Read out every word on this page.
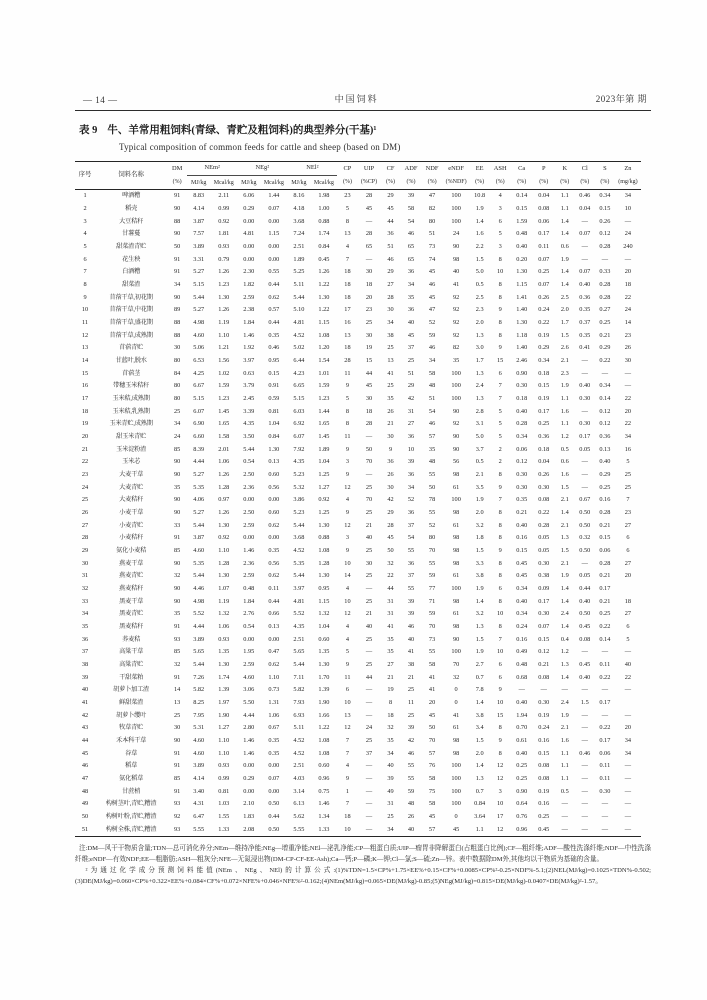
— 14 —	中国饲料	2023年第 期
表 9 牛、羊常用粗饲料(青绿、青贮及粗饲料)的典型养分(干基)¹
Typical composition of common feeds for cattle and sheep (based on DM)
序号	饲料名称	DM	NEm²		NEg²		NEl²		CP	UIP	CF	ADF	NDF	eNDF	EE	ASH	Ca	P	K	Cl	S	Zn
		(%)	MJ/kg	Mcal/kg	MJ/kg	Mcal/kg	MJ/kg	Mcal/kg	(%)	(%CP)	(%)	(%)	(%)	(%NDF)	(%)	(%)	(%)	(%)	(%)	(%)	(%)	(mg/kg)
1	啤酒糟	91	8.83	2.11	6.06	1.44	8.16	1.98	23	28	29	39	47	100	10.8	4	0.14	0.04	1.1	0.46	0.34	34
2	稻壳	90	4.14	0.99	0.29	0.07	4.18	1.00	5	45	45	58	82	100	1.9	3	0.15	0.08	1.1	0.04	0.15	10
3	大豆秸秆	88	3.87	0.92	0.00	0.00	3.68	0.88	8	—	44	54	80	100	1.4	6	1.59	0.06	1.4	—	0.26	—
4	甘薯蔓	90	7.57	1.81	4.81	1.15	7.24	1.74	13	28	36	46	51	24	1.6	5	0.48	0.17	1.4	0.07	0.12	24
5	甜菜渣青贮	50	3.89	0.93	0.00	0.00	2.51	0.84	4	65	51	65	73	90	2.2	3	0.40	0.11	0.6	—	0.28	240
6	花生秧	91	3.31	0.79	0.00	0.00	1.89	0.45	7	—	46	65	74	98	1.5	8	0.20	0.07	1.9	—	—	—
7	白酒糟	91	5.27	1.26	2.30	0.55	5.25	1.26	18	30	29	36	45	40	5.0	10	1.30	0.25	1.4	0.07	0.33	20
8	甜菜渣	34	5.15	1.23	1.82	0.44	5.11	1.22	18	18	27	34	46	41	0.5	8	1.15	0.07	1.4	0.40	0.28	18
9	苜蓿干草,初花期	90	5.44	1.30	2.59	0.62	5.44	1.30	18	20	28	35	45	92	2.5	8	1.41	0.26	2.5	0.36	0.28	22
10	苜蓿干草,中花期	89	5.27	1.26	2.38	0.57	5.10	1.22	17	23	30	36	47	92	2.3	9	1.40	0.24	2.0	0.35	0.27	24
11	苜蓿干草,盛花期	88	4.98	1.19	1.84	0.44	4.81	1.15	16	25	34	40	52	92	2.0	8	1.30	0.22	1.7	0.37	0.25	14
12	苜蓿干草,成熟期	88	4.60	1.10	1.46	0.35	4.52	1.08	13	30	38	45	59	92	1.3	8	1.18	0.19	1.5	0.35	0.21	23
13	苜蓿青贮	30	5.06	1.21	1.92	0.46	5.02	1.20	18	19	25	37	46	82	3.0	9	1.40	0.29	2.6	0.41	0.29	26
14	甘蓝叶,脱水	80	6.53	1.56	3.97	0.95	6.44	1.54	28	15	13	25	34	35	1.7	15	2.46	0.34	2.1	—	0.22	30
15	苜蓿茎	84	4.25	1.02	0.63	0.15	4.23	1.01	11	44	41	51	58	100	1.3	6	0.90	0.18	2.3	—	—	—
16	带穗玉米秸秆	80	6.67	1.59	3.79	0.91	6.65	1.59	9	45	25	29	48	100	2.4	7	0.30	0.15	1.9	0.40	0.34	—
17	玉米秸,成熟期	80	5.15	1.23	2.45	0.59	5.15	1.23	5	30	35	42	51	100	1.3	7	0.18	0.19	1.1	0.30	0.14	22
18	玉米秸,乳熟期	25	6.07	1.45	3.39	0.81	6.03	1.44	8	18	26	31	54	90	2.8	5	0.40	0.17	1.6	—	0.12	20
19	玉米青贮,成熟期	34	6.90	1.65	4.35	1.04	6.92	1.65	8	28	21	27	46	92	3.1	5	0.28	0.25	1.1	0.30	0.12	22
20	甜玉米青贮	24	6.60	1.58	3.50	0.84	6.07	1.45	11	—	30	36	57	90	5.0	5	0.34	0.36	1.2	0.17	0.36	34
21	玉米淀粉渣	85	8.39	2.01	5.44	1.30	7.92	1.89	9	50	9	10	35	90	3.7	2	0.06	0.18	0.5	0.05	0.13	16
22	玉米芯	90	4.44	1.06	0.54	0.13	4.35	1.04	3	70	36	39	48	56	0.5	2	0.12	0.04	0.6	—	0.40	5
23	大麦干草	90	5.27	1.26	2.50	0.60	5.23	1.25	9	—	26	36	55	98	2.1	8	0.30	0.26	1.6	—	0.29	25
24	大麦青贮	35	5.35	1.28	2.36	0.56	5.32	1.27	12	25	30	34	50	61	3.5	9	0.30	0.30	1.5	—	0.25	25
25	大麦秸秆	90	4.06	0.97	0.00	0.00	3.86	0.92	4	70	42	52	78	100	1.9	7	0.35	0.08	2.1	0.67	0.16	7
26	小麦干草	90	5.27	1.26	2.50	0.60	5.23	1.25	9	25	29	36	55	98	2.0	8	0.21	0.22	1.4	0.50	0.28	23
27	小麦青贮	33	5.44	1.30	2.59	0.62	5.44	1.30	12	21	28	37	52	61	3.2	8	0.40	0.28	2.1	0.50	0.21	27
28	小麦秸秆	91	3.87	0.92	0.00	0.00	3.68	0.88	3	40	45	54	80	98	1.8	8	0.16	0.05	1.3	0.32	0.15	6
29	氨化小麦秸	85	4.60	1.10	1.46	0.35	4.52	1.08	9	25	50	55	70	98	1.5	9	0.15	0.05	1.5	0.50	0.06	6
30	燕麦干草	90	5.35	1.28	2.36	0.56	5.35	1.28	10	30	32	36	55	98	3.3	8	0.45	0.30	2.1	—	0.28	27
31	燕麦青贮	32	5.44	1.30	2.59	0.62	5.44	1.30	14	25	22	37	59	61	3.8	8	0.45	0.38	1.9	0.05	0.21	20
32	燕麦秸秆	90	4.46	1.07	0.48	0.11	3.97	0.95	4	—	44	55	77	100	1.9	6	0.34	0.09	1.4	0.44	0.17	
33	黑麦干草	90	4.98	1.19	1.84	0.44	4.81	1.15	10	25	31	39	71	98	1.4	8	0.40	0.17	1.4	0.40	0.21	18
34	黑麦青贮	35	5.52	1.32	2.76	0.66	5.52	1.32	12	21	31	39	59	61	3.2	10	0.34	0.30	2.4	0.50	0.25	27
35	黑麦秸秆	91	4.44	1.06	0.54	0.13	4.35	1.04	4	40	41	46	70	98	1.3	8	0.24	0.07	1.4	0.45	0.22	6
36	荞麦秸	93	3.89	0.93	0.00	0.00	2.51	0.60	4	25	35	40	73	90	1.5	7	0.16	0.15	0.4	0.08	0.14	5
37	高粱干草	85	5.65	1.35	1.95	0.47	5.65	1.35	5	—	35	41	55	100	1.9	10	0.49	0.12	1.2	—	—	—
38	高粱青贮	32	5.44	1.30	2.59	0.62	5.44	1.30	9	25	27	38	58	70	2.7	6	0.48	0.21	1.3	0.45	0.11	40
39	干甜菜粕	91	7.26	1.74	4.60	1.10	7.11	1.70	11	44	21	21	41	32	0.7	6	0.68	0.08	1.4	0.40	0.22	22
40	胡萝卜加工渣	14	5.82	1.39	3.06	0.73	5.82	1.39	6	—	19	25	41	0	7.8	9	—	—	—	—	—	—
41	鲜甜菜渣	13	8.25	1.97	5.50	1.31	7.93	1.90	10	—	8	11	20	0	1.4	10	0.40	0.30	2.4	1.5	0.17	
42	胡萝卜缨叶	25	7.95	1.90	4.44	1.06	6.93	1.66	13	—	18	25	45	41	3.8	15	1.94	0.19	1.9	—	—	—
43	牧草青贮	30	5.31	1.27	2.80	0.67	5.11	1.22	12	24	32	39	50	61	3.4	8	0.70	0.24	2.1	—	0.22	20
44	禾本科干草	90	4.60	1.10	1.46	0.35	4.52	1.08	7	25	35	42	70	98	1.5	9	0.61	0.16	1.6	—	0.17	34
45	谷草	91	4.60	1.10	1.46	0.35	4.52	1.08	7	37	34	46	57	98	2.0	8	0.40	0.15	1.1	0.46	0.06	34
46	稻草	91	3.89	0.93	0.00	0.00	2.51	0.60	4	—	40	55	76	100	1.4	12	0.25	0.08	1.1	—	0.11	—
47	氨化稻草	85	4.14	0.99	0.29	0.07	4.03	0.96	9	—	39	55	58	100	1.3	12	0.25	0.08	1.1	—	0.11	—
48	甘蔗梢	91	3.40	0.81	0.00	0.00	3.14	0.75	1	—	49	59	75	100	0.7	3	0.90	0.19	0.5	—	0.30	—
49	构树茎叶,青贮,糟渣	93	4.31	1.03	2.10	0.50	6.13	1.46	7	—	31	48	58	100	0.84	10	0.64	0.16	—	—	—	—
50	构树叶粉,青贮,糟渣	92	6.47	1.55	1.83	0.44	5.62	1.34	18	—	25	26	45	0	3.64	17	0.76	0.25	—	—	—	—
51	构树全株,青贮,糟渣	93	5.55	1.33	2.08	0.50	5.55	1.33	10	—	34	40	57	45	1.1	12	0.96	0.45	—	—	—	—

注:DM—风干干物质含量;TDN—总可消化养分;NEm—维持净能;NEg—增重净能;NEl—泌乳净能;CP—粗蛋白质;UIP—瘤胃非降解蛋白(占粗蛋白比例);CF—粗纤维;ADF—酸性洗涤纤维;NDF—中性洗涤纤维;eNDF—有效NDF;EE—粗脂肪;ASH—粗灰分;NFE—无氮浸出物(DM-CP-CF-EE-Ash);Ca—钙;P—磷;K—钾;Cl—氯;S—硫;Zn—锌。表中数据除DM外,其他均以干物质为基础的含量。

²为通过化学成分预测饲料能值(NEm、NEg、NEl)的计算公式:(1)%TDN=1.5×CP%+1.75×EE%+0.15×CF%+0.0085×CP%²-0.25×NDF%-5.1;(2)NEL(MJ/kg)=0.1025×TDN%-0.502;(3)DE(MJ/kg)=0.060×CP%+0.322×EE%+0.084×CF%+0.072×NFE%+0.046×NFE%²-0.162;(4)NEm(MJ/kg)=0.065×DE(MJ/kg)-0.85;(5)NEg(MJ/kg)=0.815×DE(MJ/kg)-0.0407×DE(MJ/kg)²-1.57。
